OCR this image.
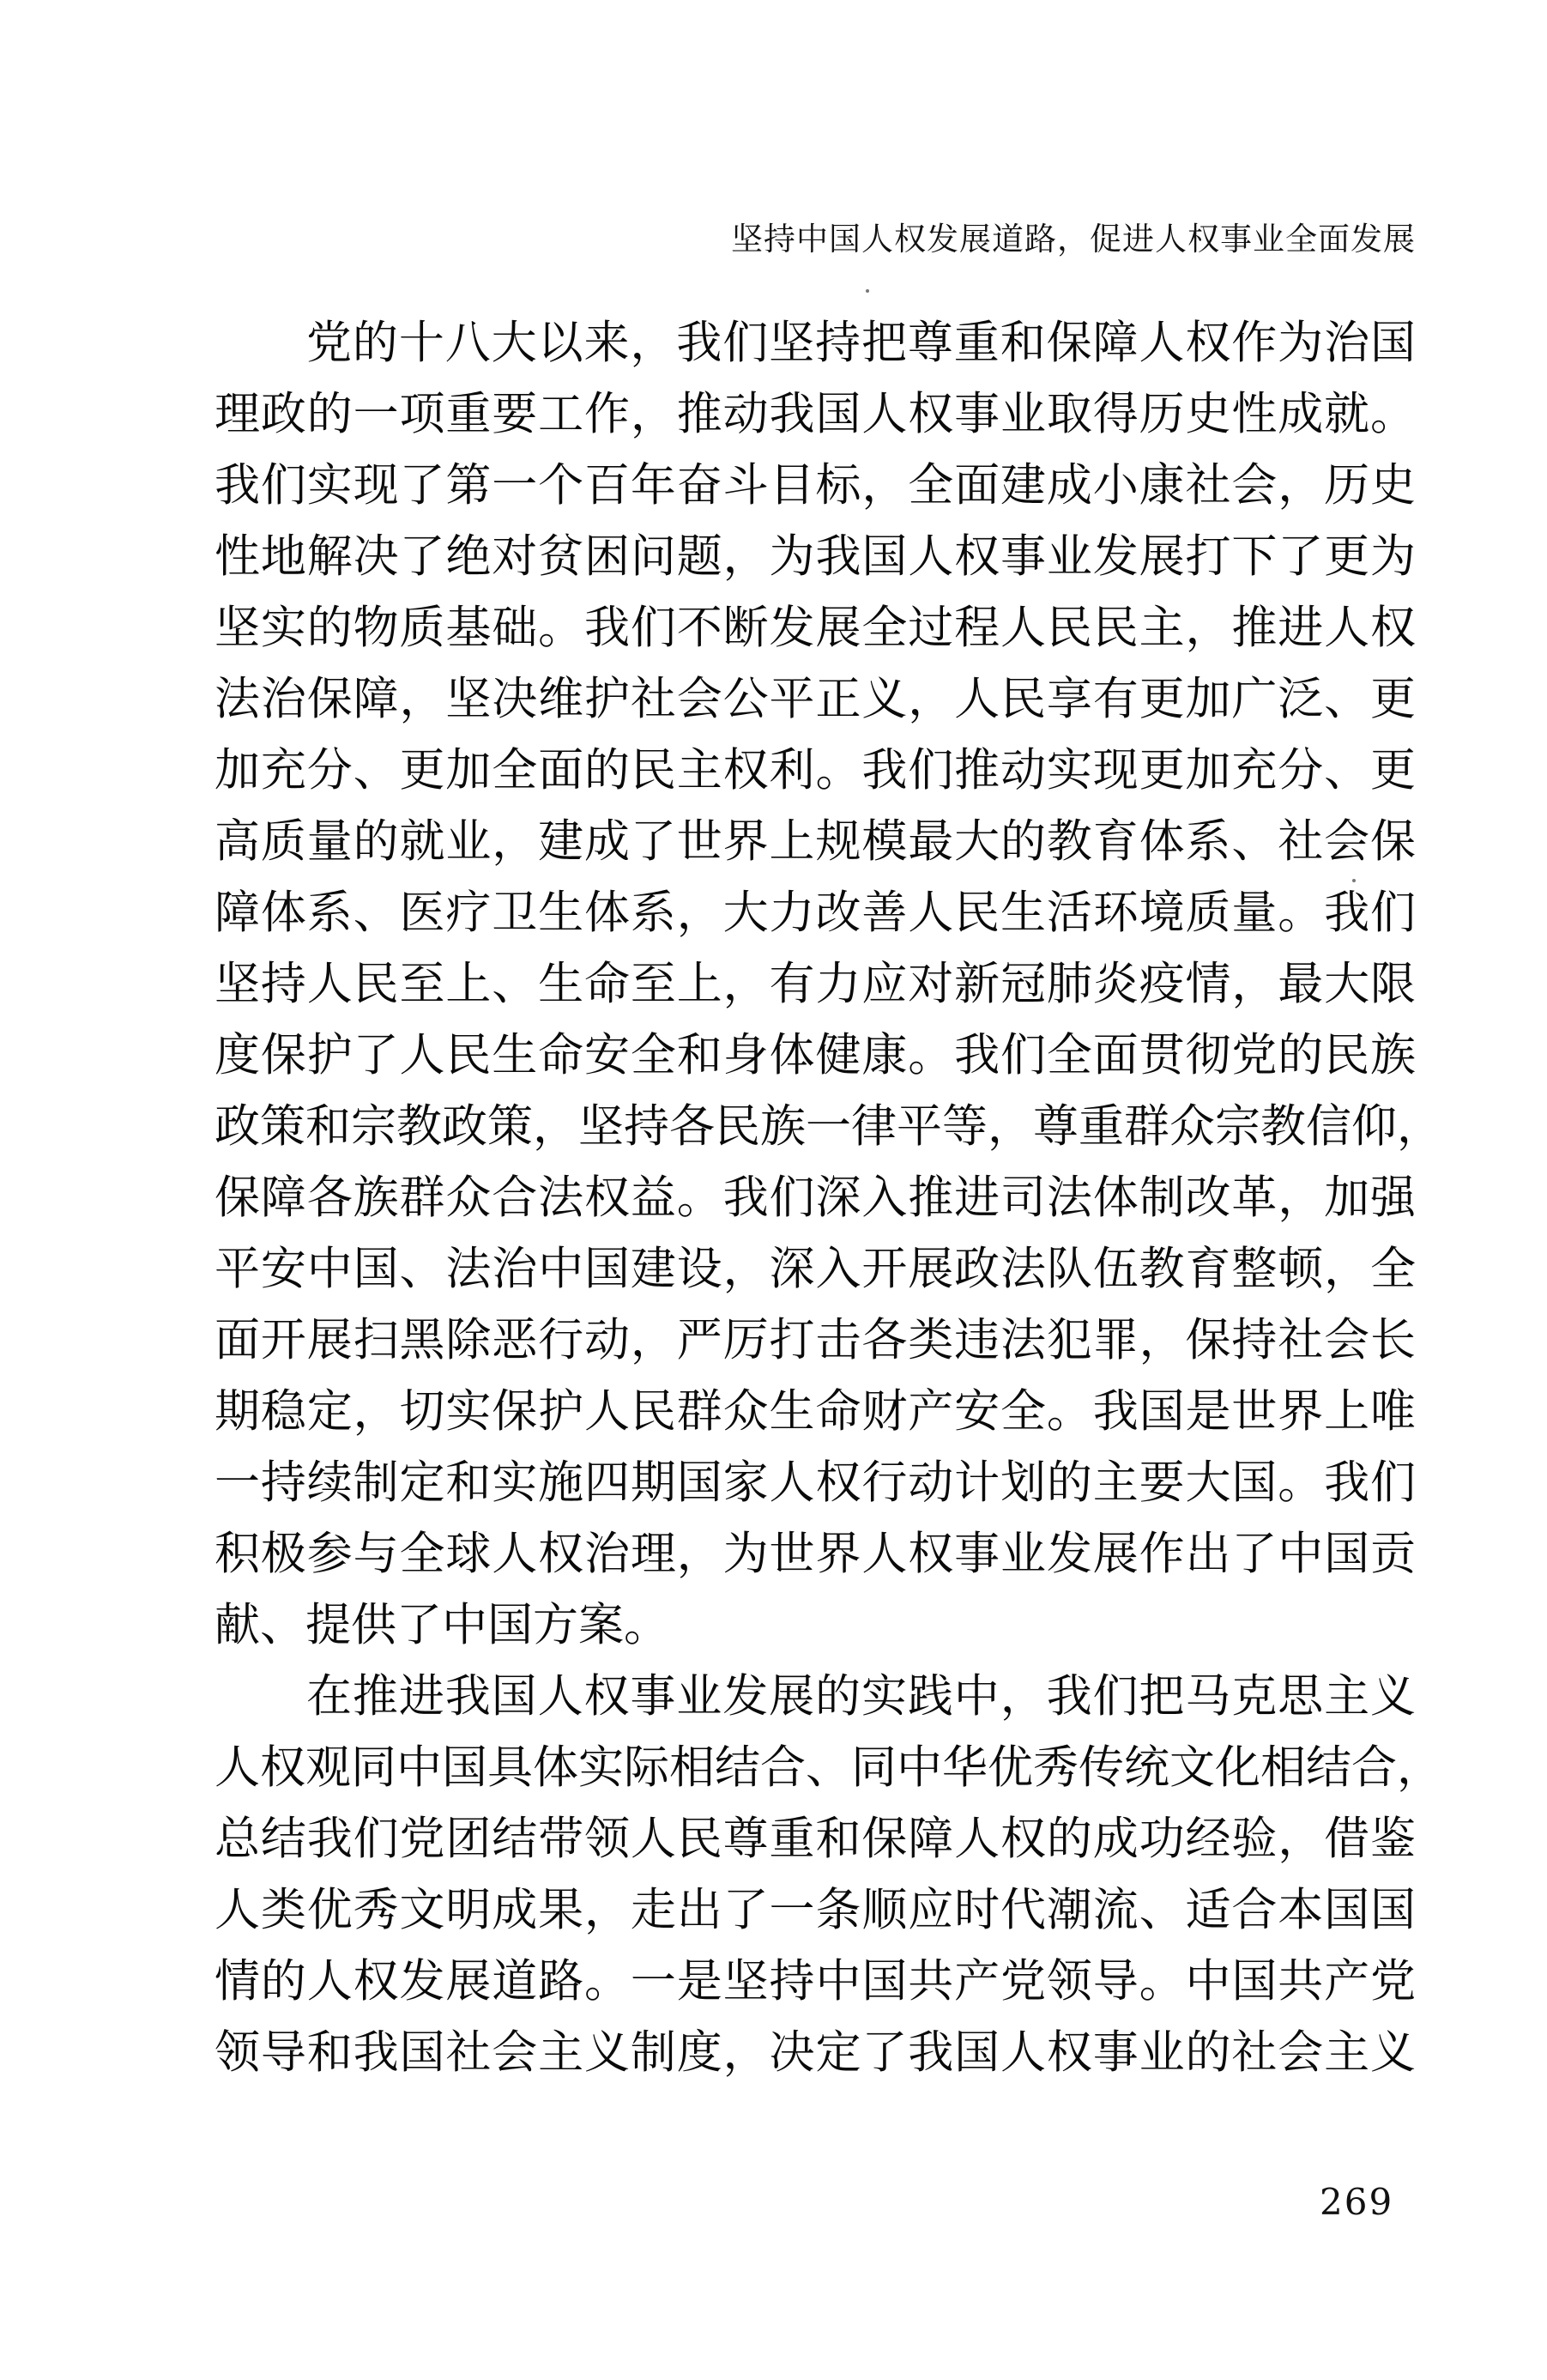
坚持中国人权发展道路，促进人权事业全面发展
党的十八大以来，我们坚持把尊重和保障人权作为治国
理政的一项重要工作，推动我国人权事业取得历史性成就。
我们实现了第一个百年奋斗目标，全面建成小康社会，历史
性地解决了绝对贫困问题，为我国人权事业发展打下了更为
坚实的物质基础。我们不断发展全过程人民民主，推进人权
法治保障，坚决维护社会公平正义，人民享有更加广泛、更
加充分、更加全面的民主权利。我们推动实现更加充分、更
高质量的就业，建成了世界上规模最大的教育体系、社会保
障体系、医疗卫生体系，大力改善人民生活环境质量。我们
坚持人民至上、生命至上，有力应对新冠肺炎疫情，最大限
度保护了人民生命安全和身体健康。我们全面贯彻党的民族
政策和宗教政策，坚持各民族一律平等，尊重群众宗教信仰，
保障各族群众合法权益。我们深入推进司法体制改革，加强
平安中国、法治中国建设，深入开展政法队伍教育整顿，全
面开展扫黑除恶行动，严厉打击各类违法犯罪，保持社会长
期稳定，切实保护人民群众生命财产安全。我国是世界上唯
一持续制定和实施四期国家人权行动计划的主要大国。我们
积极参与全球人权治理，为世界人权事业发展作出了中国贡
献、提供了中国方案。
在推进我国人权事业发展的实践中，我们把马克思主义
人权观同中国具体实际相结合、同中华优秀传统文化相结合，
总结我们党团结带领人民尊重和保障人权的成功经验，借鉴
人类优秀文明成果，走出了一条顺应时代潮流、适合本国国
情的人权发展道路。一是坚持中国共产党领导。中国共产党
领导和我国社会主义制度，决定了我国人权事业的社会主义
269
